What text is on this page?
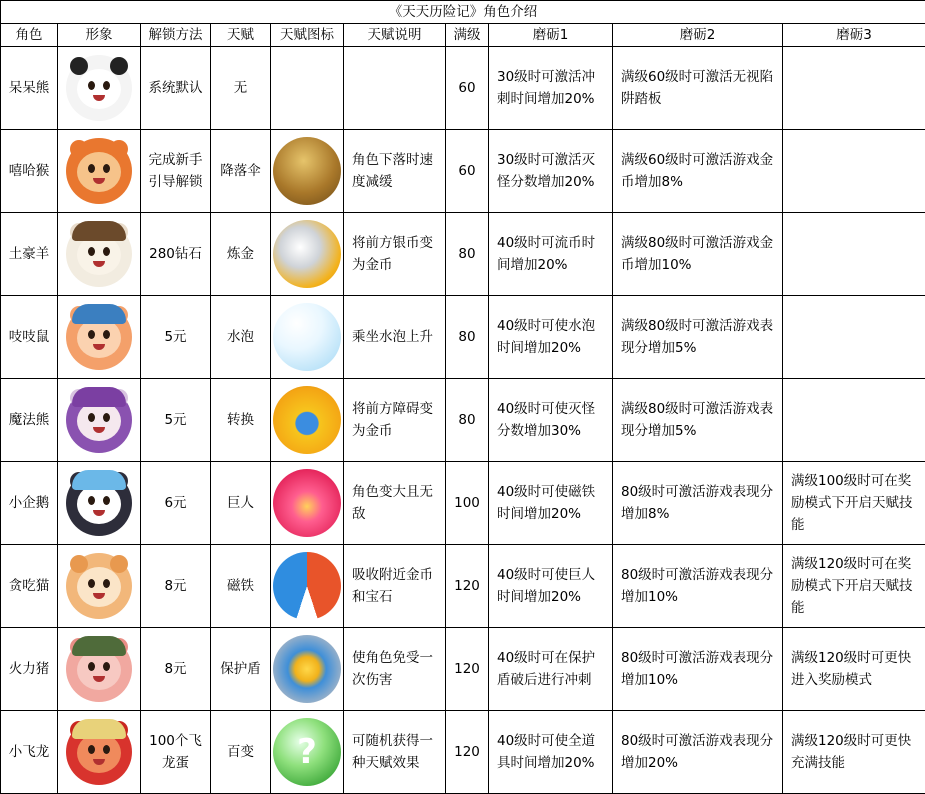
《天天历险记》角色介绍									
角色	形象	解锁方法	天赋	天赋图标	天赋说明	满级	磨砺1	磨砺2	磨砺3
呆呆熊		系统默认	无			60	30级时可激活冲刺时间增加20%	满级60级时可激活无视陷阱踏板	
嘻哈猴		完成新手引导解锁	降落伞		角色下落时速度减缓	60	30级时可激活灭怪分数增加20%	满级60级时可激活游戏金币增加8%	
土豪羊		280钻石	炼金		将前方银币变为金币	80	40级时可流币时间增加20%	满级80级时可激活游戏金币增加10%	
吱吱鼠		5元	水泡		乘坐水泡上升	80	40级时可使水泡时间增加20%	满级80级时可激活游戏表现分增加5%	
魔法熊		5元	转换		将前方障碍变为金币	80	40级时可使灭怪分数增加30%	满级80级时可激活游戏表现分增加5%	
小企鹅		6元	巨人		角色变大且无敌	100	40级时可使磁铁时间增加20%	80级时可激活游戏表现分增加8%	满级100级时可在奖励模式下开启天赋技能
贪吃猫		8元	磁铁		吸收附近金币和宝石	120	40级时可使巨人时间增加20%	80级时可激活游戏表现分增加10%	满级120级时可在奖励模式下开启天赋技能
火力猪		8元	保护盾		使角色免受一次伤害	120	40级时可在保护盾破后进行冲刺	80级时可激活游戏表现分增加10%	满级120级时可更快进入奖励模式
小飞龙		100个飞龙蛋	百变	?	可随机获得一种天赋效果	120	40级时可使全道具时间增加20%	80级时可激活游戏表现分增加20%	满级120级时可更快充满技能
